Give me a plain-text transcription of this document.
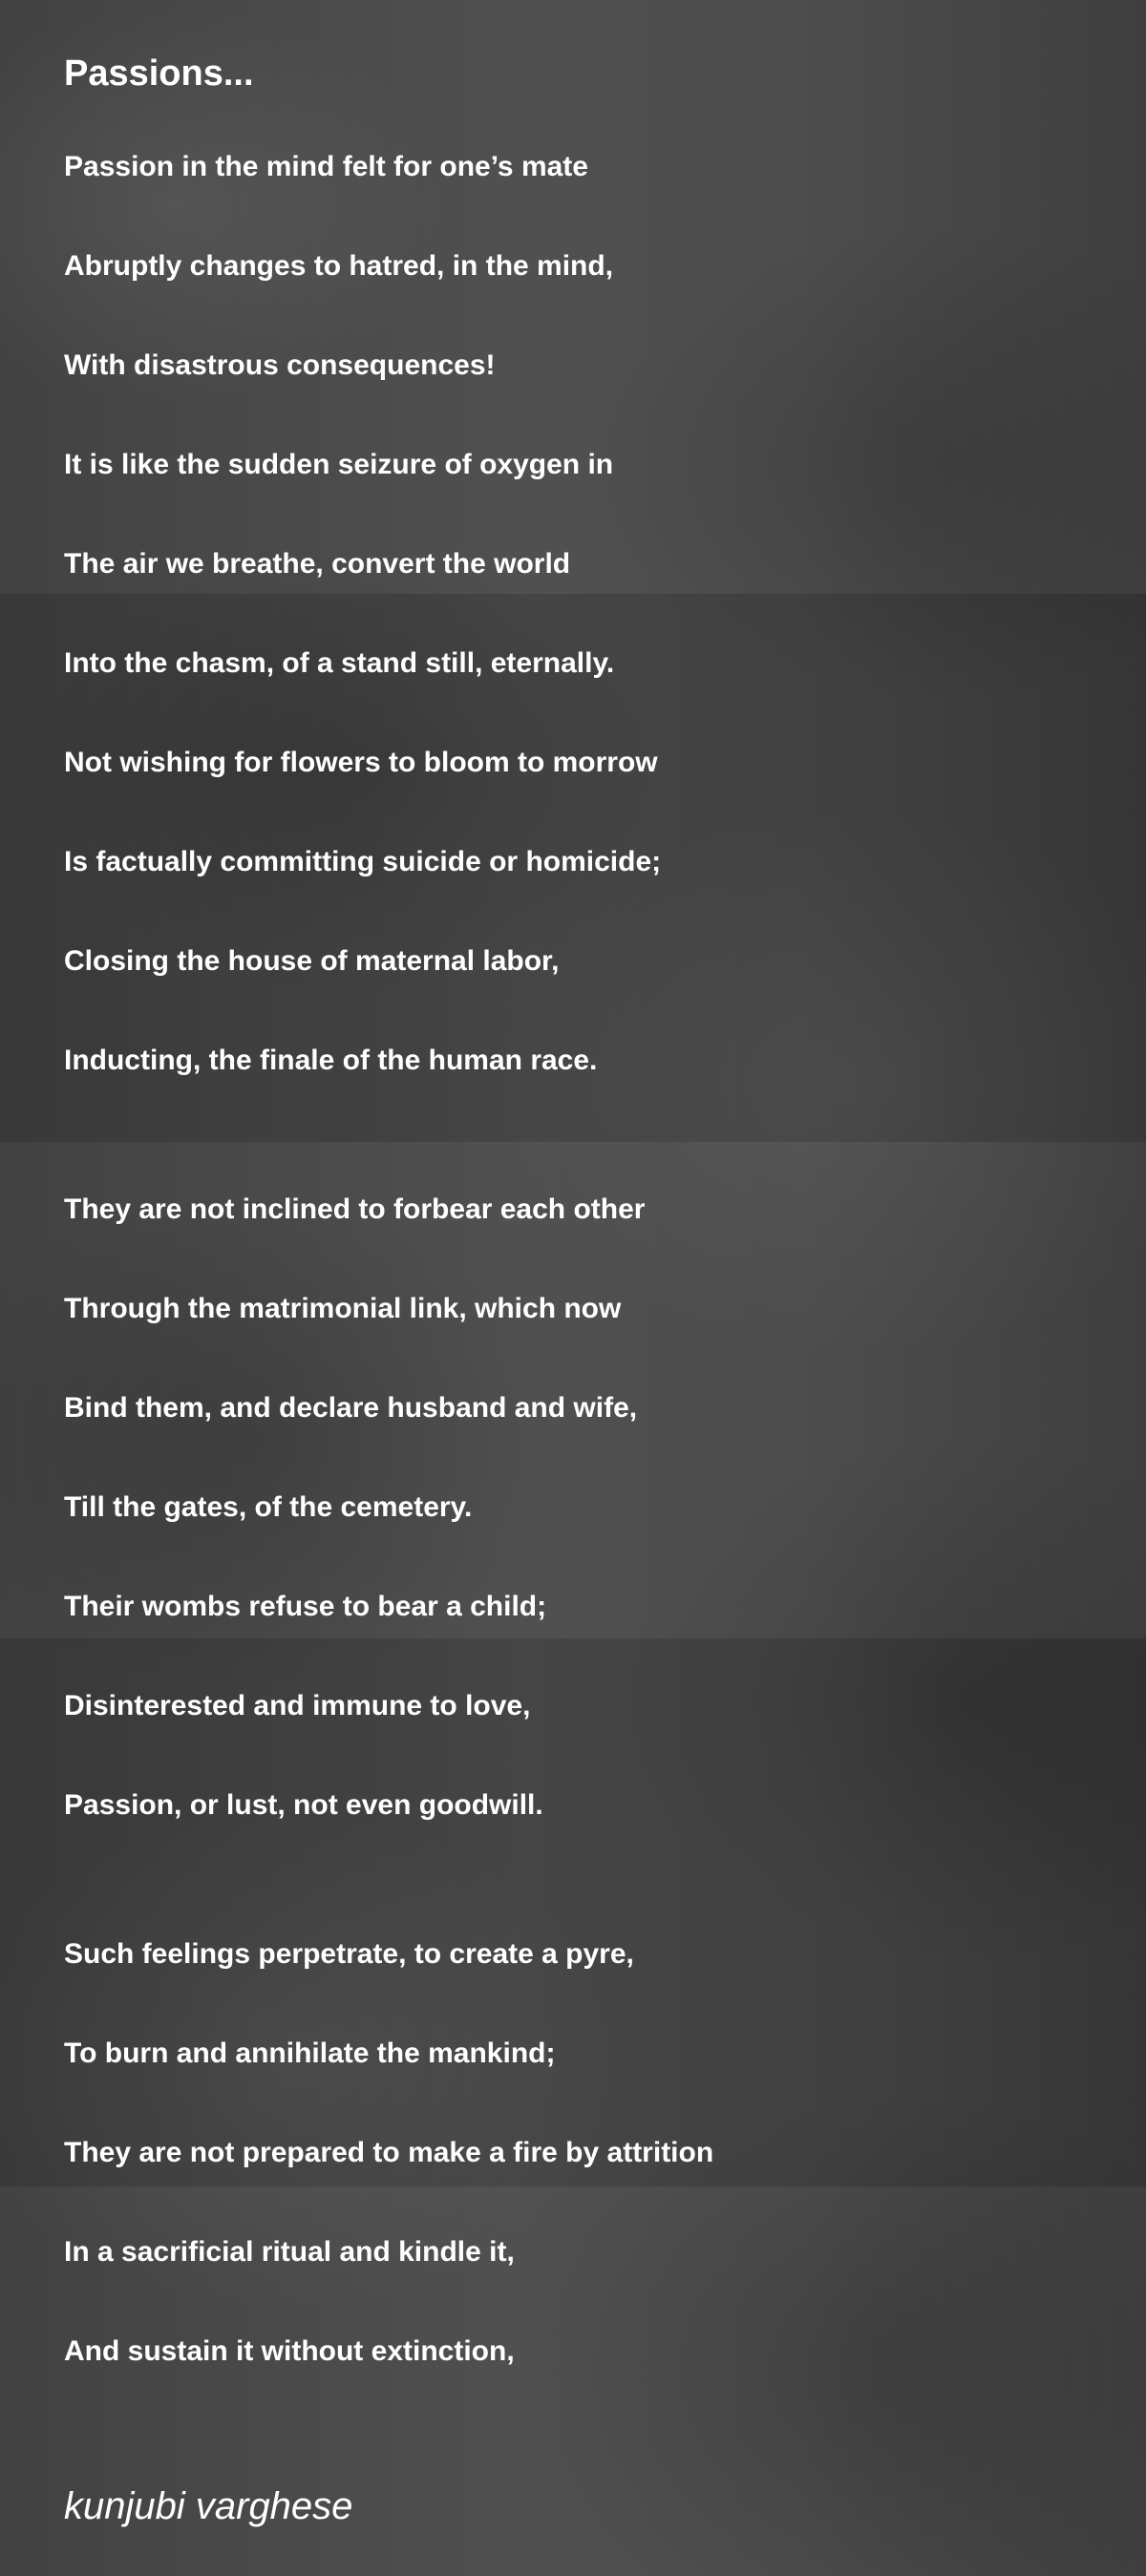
Passions...

Passion in the mind felt for one’s mate

Abruptly changes to hatred, in the mind,

With disastrous consequences!

It is like the sudden seizure of oxygen in

The air we breathe, convert the world

Into the chasm, of a stand still, eternally.

Not wishing for flowers to bloom to morrow

Is factually committing suicide or homicide;

Closing the house of maternal labor,

Inducting, the finale of the human race.

They are not inclined to forbear each other

Through the matrimonial link, which now

Bind them, and declare husband and wife,

Till the gates, of the cemetery.

Their wombs refuse to bear a child;

Disinterested and immune to love,

Passion, or lust, not even goodwill.

Such feelings perpetrate, to create a pyre,

To burn and annihilate the mankind;

They are not prepared to make a fire by attrition

In a sacrificial ritual and kindle it,

And sustain it without extinction,

kunjubi varghese
